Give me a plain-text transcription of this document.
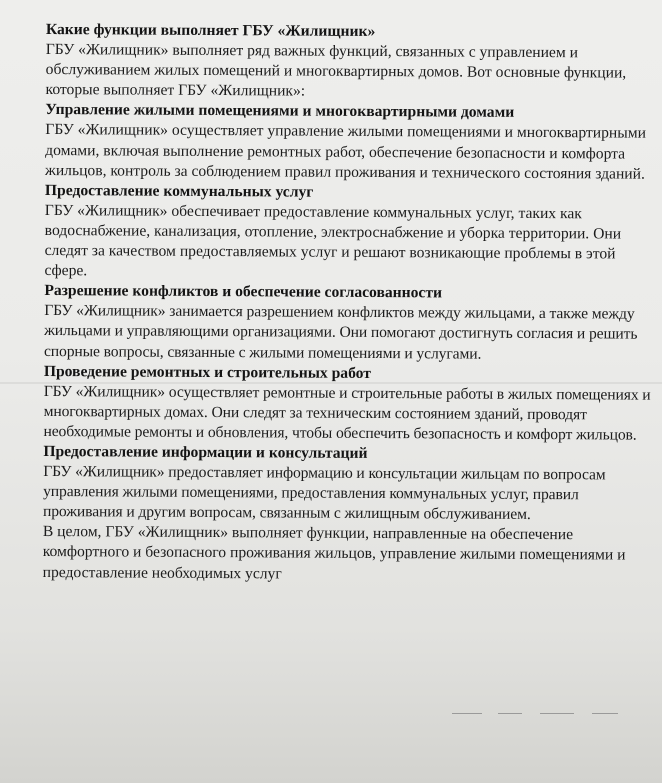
Какие функции выполняет ГБУ «Жилищник»

ГБУ «Жилищник» выполняет ряд важных функций, связанных с управлением и обслуживанием жилых помещений и многоквартирных домов. Вот основные функции, которые выполняет ГБУ «Жилищник»:

Управление жилыми помещениями и многоквартирными домами

ГБУ «Жилищник» осуществляет управление жилыми помещениями и многоквартирными домами, включая выполнение ремонтных работ, обеспечение безопасности и комфорта жильцов, контроль за соблюдением правил проживания и технического состояния зданий.

Предоставление коммунальных услуг

ГБУ «Жилищник» обеспечивает предоставление коммунальных услуг, таких как водоснабжение, канализация, отопление, электроснабжение и уборка территории. Они следят за качеством предоставляемых услуг и решают возникающие проблемы в этой сфере.

Разрешение конфликтов и обеспечение согласованности

ГБУ «Жилищник» занимается разрешением конфликтов между жильцами, а также между жильцами и управляющими организациями. Они помогают достигнуть согласия и решить спорные вопросы, связанные с жилыми помещениями и услугами.

Проведение ремонтных и строительных работ

ГБУ «Жилищник» осуществляет ремонтные и строительные работы в жилых помещениях и многоквартирных домах. Они следят за техническим состоянием зданий, проводят необходимые ремонты и обновления, чтобы обеспечить безопасность и комфорт жильцов.

Предоставление информации и консультаций

ГБУ «Жилищник» предоставляет информацию и консультации жильцам по вопросам управления жилыми помещениями, предоставления коммунальных услуг, правил проживания и другим вопросам, связанным с жилищным обслуживанием.

В целом, ГБУ «Жилищник» выполняет функции, направленные на обеспечение комфортного и безопасного проживания жильцов, управление жилыми помещениями и предоставление необходимых услуг
